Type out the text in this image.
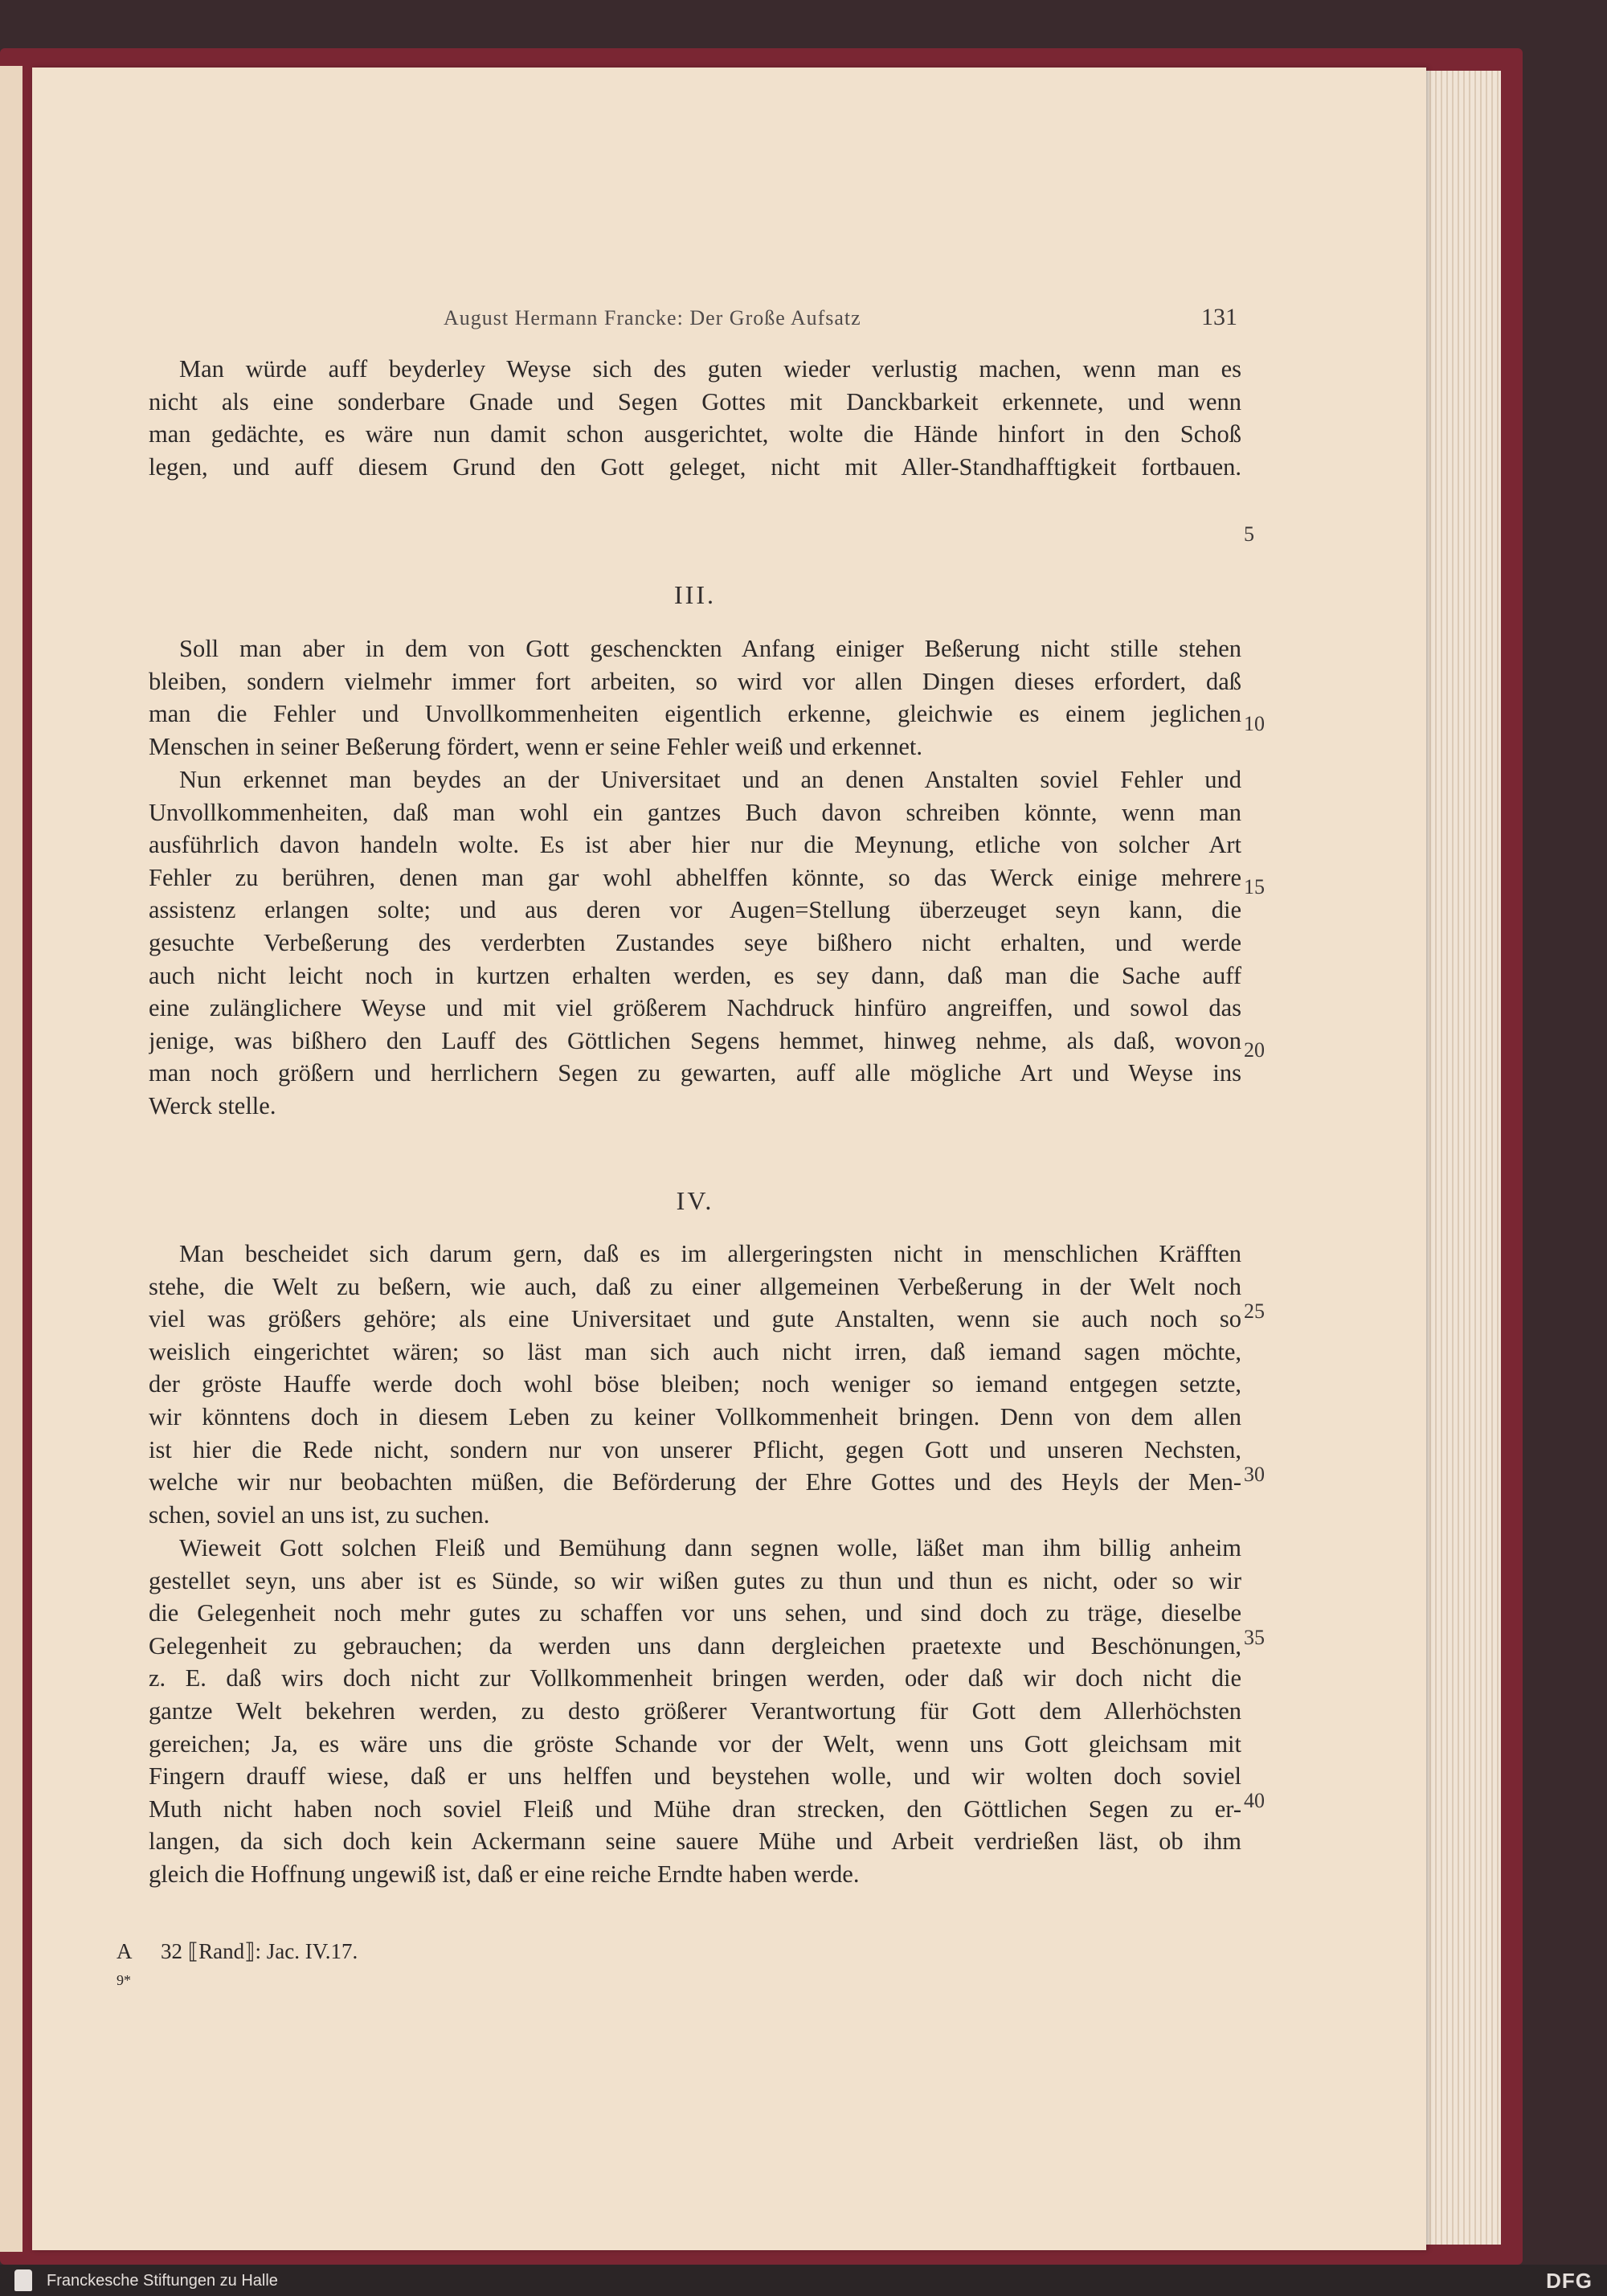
August Hermann Francke: Der Große Aufsatz	131
Man würde auff beyderley Weyse sich des guten wieder verlustig machen, wenn man es
nicht als eine sonderbare Gnade und Segen Gottes mit Danckbarkeit erkennete, und wenn
man gedächte, es wäre nun damit schon ausgerichtet, wolte die Hände hinfort in den Schoß
legen, und auff diesem Grund den Gott geleget, nicht mit Aller-Standhafftigkeit fortbauen.
III.
Soll man aber in dem von Gott geschenckten Anfang einiger Beßerung nicht stille stehen
bleiben, sondern vielmehr immer fort arbeiten, so wird vor allen Dingen dieses erfordert, daß
man die Fehler und Unvollkommenheiten eigentlich erkenne, gleichwie es einem jeglichen
Menschen in seiner Beßerung fördert, wenn er seine Fehler weiß und erkennet.
Nun erkennet man beydes an der Universitaet und an denen Anstalten soviel Fehler und
Unvollkommenheiten, daß man wohl ein gantzes Buch davon schreiben könnte, wenn man
ausführlich davon handeln wolte. Es ist aber hier nur die Meynung, etliche von solcher Art
Fehler zu berühren, denen man gar wohl abhelffen könnte, so das Werck einige mehrere
assistenz erlangen solte; und aus deren vor Augen=Stellung überzeuget seyn kann, die
gesuchte Verbeßerung des verderbten Zustandes seye bißhero nicht erhalten, und werde
auch nicht leicht noch in kurtzen erhalten werden, es sey dann, daß man die Sache auff
eine zulänglichere Weyse und mit viel größerem Nachdruck hinfüro angreiffen, und sowol das
jenige, was bißhero den Lauff des Göttlichen Segens hemmet, hinweg nehme, als daß, wovon
man noch größern und herrlichern Segen zu gewarten, auff alle mögliche Art und Weyse ins
Werck stelle.
IV.
Man bescheidet sich darum gern, daß es im allergeringsten nicht in menschlichen Kräfften
stehe, die Welt zu beßern, wie auch, daß zu einer allgemeinen Verbeßerung in der Welt noch
viel was größers gehöre; als eine Universitaet und gute Anstalten, wenn sie auch noch so
weislich eingerichtet wären; so läst man sich auch nicht irren, daß iemand sagen möchte,
der gröste Hauffe werde doch wohl böse bleiben; noch weniger so iemand entgegen setzte,
wir könntens doch in diesem Leben zu keiner Vollkommenheit bringen. Denn von dem allen
ist hier die Rede nicht, sondern nur von unserer Pflicht, gegen Gott und unseren Nechsten,
welche wir nur beobachten müßen, die Beförderung der Ehre Gottes und des Heyls der Men-
schen, soviel an uns ist, zu suchen.
Wieweit Gott solchen Fleiß und Bemühung dann segnen wolle, läßet man ihm billig anheim
gestellet seyn, uns aber ist es Sünde, so wir wißen gutes zu thun und thun es nicht, oder so wir
die Gelegenheit noch mehr gutes zu schaffen vor uns sehen, und sind doch zu träge, dieselbe
Gelegenheit zu gebrauchen; da werden uns dann dergleichen praetexte und Beschönungen,
z. E. daß wirs doch nicht zur Vollkommenheit bringen werden, oder daß wir doch nicht die
gantze Welt bekehren werden, zu desto größerer Verantwortung für Gott dem Allerhöchsten
gereichen; Ja, es wäre uns die gröste Schande vor der Welt, wenn uns Gott gleichsam mit
Fingern drauff wiese, daß er uns helffen und beystehen wolle, und wir wolten doch soviel
Muth nicht haben noch soviel Fleiß und Mühe dran strecken, den Göttlichen Segen zu er-
langen, da sich doch kein Ackermann seine sauere Mühe und Arbeit verdrießen läst, ob ihm
gleich die Hoffnung ungewiß ist, daß er eine reiche Erndte haben werde.
5
10
15
20
25
30
35
40
A 32 ⟦Rand⟧: Jac. IV.17.
9*
Franckesche Stiftungen zu Halle	DFG
